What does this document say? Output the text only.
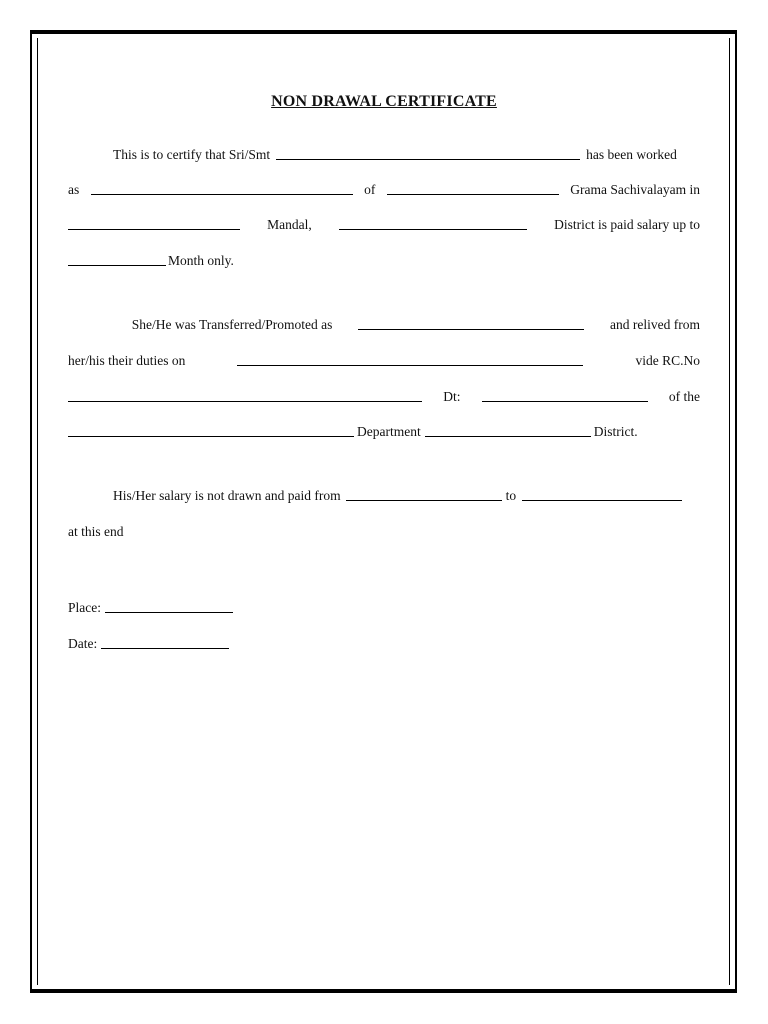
NON DRAWAL CERTIFICATE
This is to certify that Sri/Smt	has been worked
as	of	Grama Sachivalayam in
Mandal,	District is paid salary up to
Month only.
She/He was Transferred/Promoted as	and relived from
her/his their duties on	vide RC.No
Dt:	of the
Department	District.
His/Her salary is not drawn and paid from	to
at this end
Place:
Date:
